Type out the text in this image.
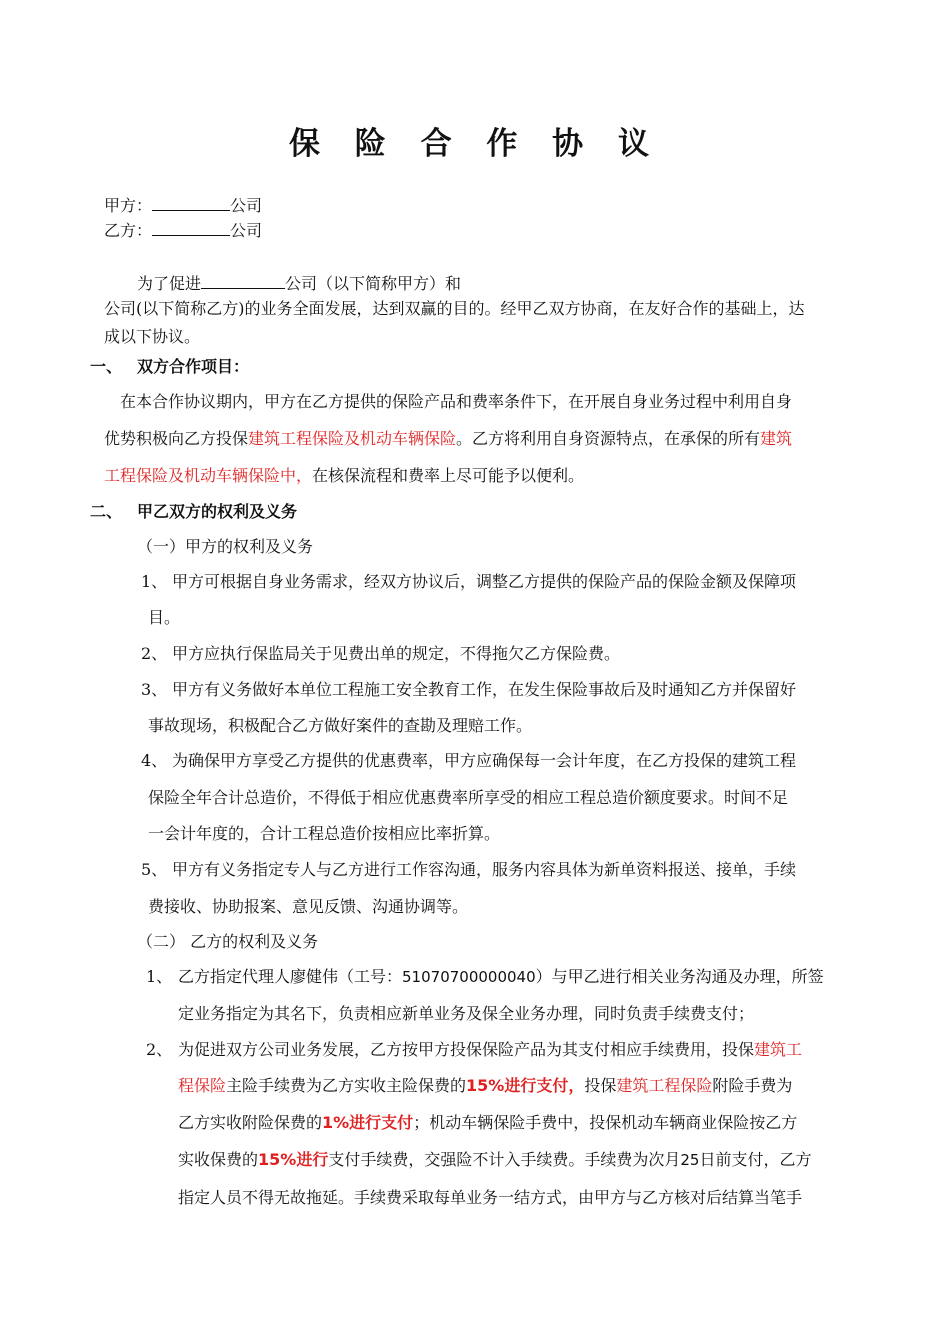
保 险 合 作 协 议
甲方：	公司
乙方：	公司
为了促进	公司（以下简称甲方）和
公司(以下简称乙方)的业务全面发展，达到双赢的目的。经甲乙双方协商，在友好合作的基础上，达
成以下协议。
一、 双方合作项目：
在本合作协议期内，甲方在乙方提供的保险产品和费率条件下，在开展自身业务过程中利用自身
优势积极向乙方投保建筑工程保险及机动车辆保险。乙方将利用自身资源特点，在承保的所有建筑
工程保险及机动车辆保险中，在核保流程和费率上尽可能予以便利。
二、 甲乙双方的权利及义务
（一）甲方的权利及义务
1、 甲方可根据自身业务需求，经双方协议后，调整乙方提供的保险产品的保险金额及保障项
目。
2、 甲方应执行保监局关于见费出单的规定，不得拖欠乙方保险费。
3、 甲方有义务做好本单位工程施工安全教育工作，在发生保险事故后及时通知乙方并保留好
事故现场，积极配合乙方做好案件的查勘及理赔工作。
4、 为确保甲方享受乙方提供的优惠费率，甲方应确保每一会计年度，在乙方投保的建筑工程
保险全年合计总造价，不得低于相应优惠费率所享受的相应工程总造价额度要求。时间不足
一会计年度的，合计工程总造价按相应比率折算。
5、 甲方有义务指定专人与乙方进行工作容沟通，服务内容具体为新单资料报送、接单，手续
费接收、协助报案、意见反馈、沟通协调等。
（二） 乙方的权利及义务
1、 乙方指定代理人廖健伟（工号：51070700000040）与甲乙进行相关业务沟通及办理，所签
定业务指定为其名下，负责相应新单业务及保全业务办理，同时负责手续费支付；
2、 为促进双方公司业务发展，乙方按甲方投保保险产品为其支付相应手续费用，投保建筑工
程保险主险手续费为乙方实收主险保费的15%进行支付，投保建筑工程保险附险手费为
乙方实收附险保费的1%进行支付；机动车辆保险手费中，投保机动车辆商业保险按乙方
实收保费的15%进行支付手续费，交强险不计入手续费。手续费为次月25日前支付，乙方
指定人员不得无故拖延。手续费采取每单业务一结方式，由甲方与乙方核对后结算当笔手
